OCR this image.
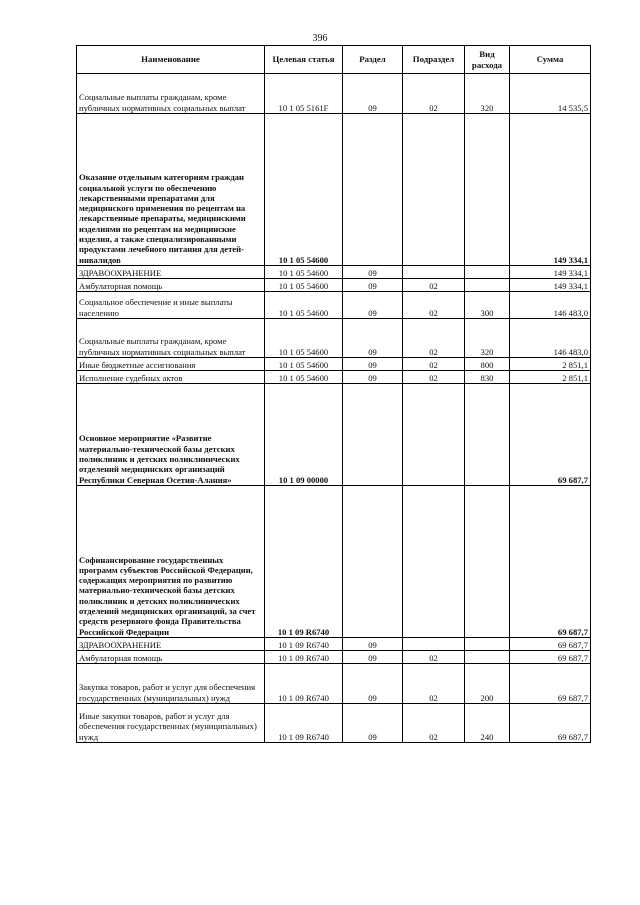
396
Наименование	Целевая статья	Раздел	Подраздел	Вид расхода	Сумма
Социальные выплаты гражданам, кроме публичных нормативных социальных выплат	10 1 05 5161F	09	02	320	14 535,5
Оказание отдельным категориям граждан социальной услуги по обеспечению лекарственными препаратами для медицинского применения по рецептам на лекарственные препараты, медицинскими изделиями по рецептам на медицинские изделия, а также специализированными продуктами лечебного питания для детей-инвалидов	10 1 05 54600				149 334,1
ЗДРАВООХРАНЕНИЕ	10 1 05 54600	09			149 334,1
Амбулаторная помощь	10 1 05 54600	09	02		149 334,1
Социальное обеспечение и иные выплаты населению	10 1 05 54600	09	02	300	146 483,0
Социальные выплаты гражданам, кроме публичных нормативных социальных выплат	10 1 05 54600	09	02	320	146 483,0
Иные бюджетные ассигнования	10 1 05 54600	09	02	800	2 851,1
Исполнение судебных актов	10 1 05 54600	09	02	830	2 851,1
Основное мероприятие «Развитие материально-технической базы детских поликлиник и детских поликлинических отделений медицинских организаций Республики Северная Осетия-Алания»	10 1 09 00000				69 687,7
Софинансирование государственных программ субъектов Российской Федерации, содержащих мероприятия по развитию материально-технической базы детских поликлиник и детских поликлинических отделений медицинских организаций, за счет средств резервного фонда Правительства Российской Федерации	10 1 09 R6740				69 687,7
ЗДРАВООХРАНЕНИЕ	10 1 09 R6740	09			69 687,7
Амбулаторная помощь	10 1 09 R6740	09	02		69 687,7
Закупка товаров, работ и услуг для обеспечения государственных (муниципальных) нужд	10 1 09 R6740	09	02	200	69 687,7
Иные закупки товаров, работ и услуг для обеспечения государственных (муниципальных) нужд	10 1 09 R6740	09	02	240	69 687,7
